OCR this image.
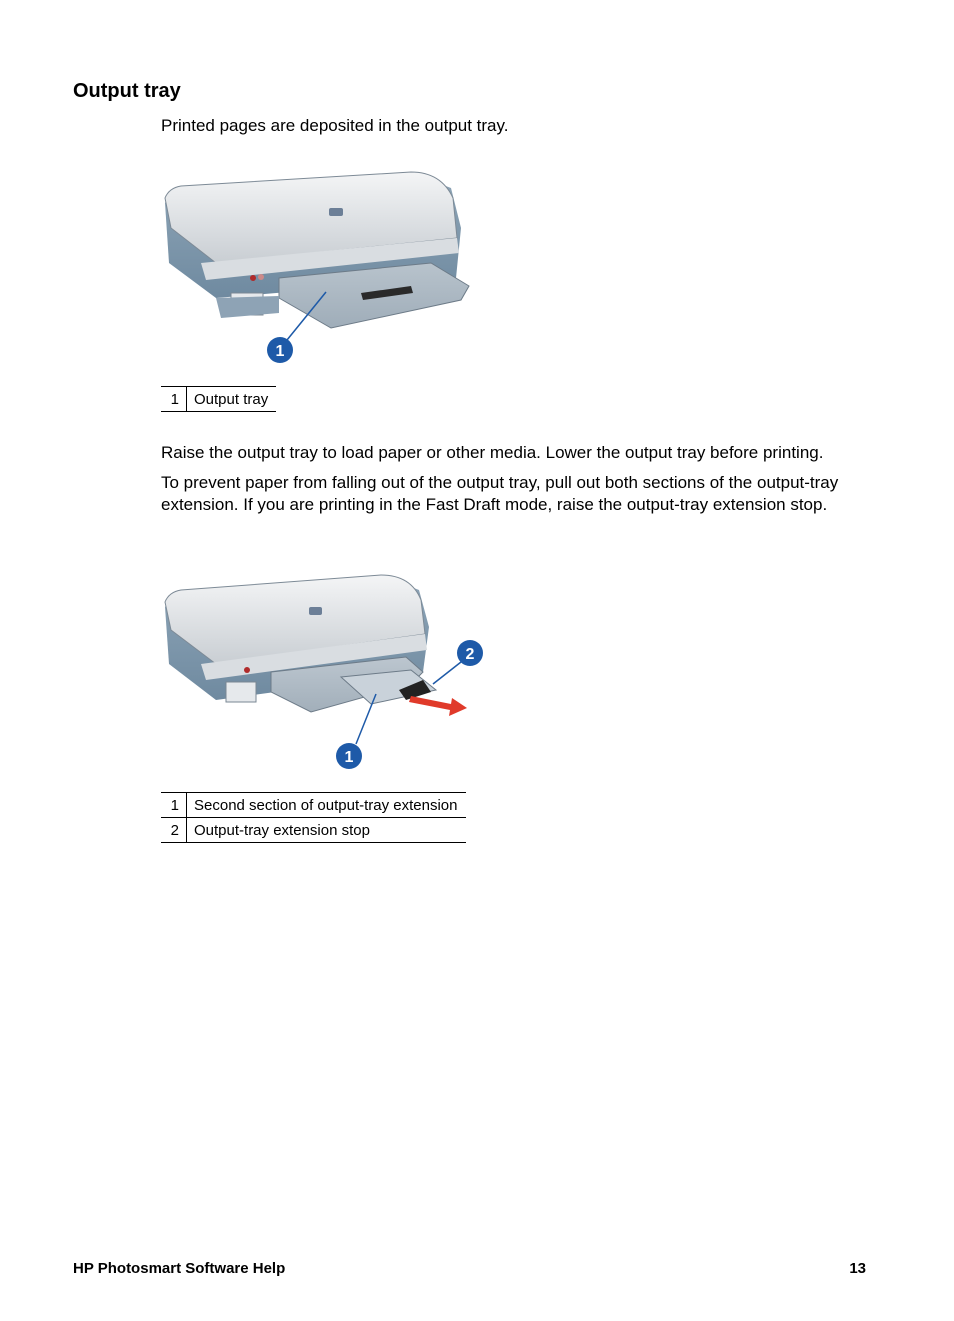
Output tray

Printed pages are deposited in the output tray.

1
1	Output tray

Raise the output tray to load paper or other media. Lower the output tray before printing.

To prevent paper from falling out of the output tray, pull out both sections of the output-tray extension. If you are printing in the Fast Draft mode, raise the output-tray extension stop.

1
2
1	Second section of output-tray extension
2	Output-tray extension stop
HP Photosmart Software Help	13
